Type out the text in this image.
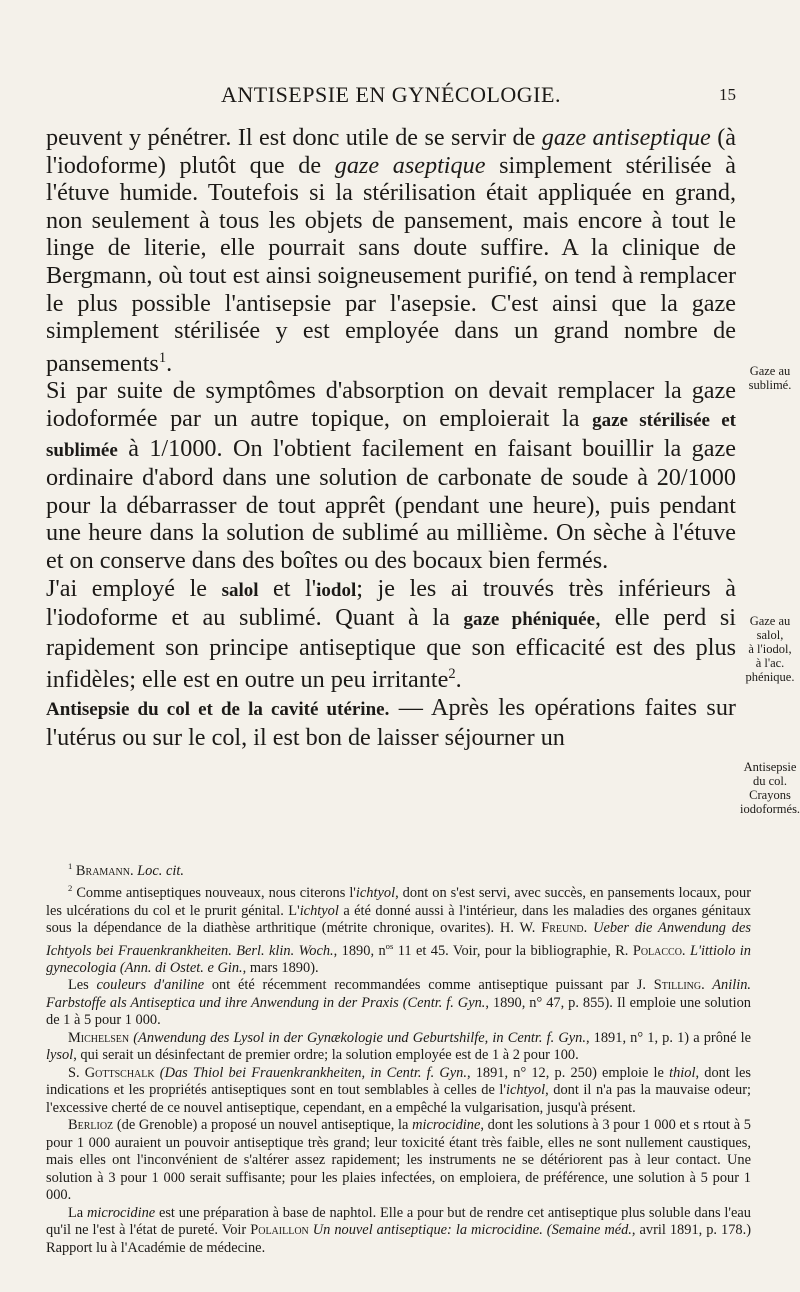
ANTISEPSIE EN GYNÉCOLOGIE.	15

peuvent y pénétrer. Il est donc utile de se servir de gaze antiseptique (à l'iodoforme) plutôt que de gaze aseptique simplement stérilisée à l'étuve humide. Toutefois si la stérilisation était appliquée en grand, non seulement à tous les objets de pansement, mais encore à tout le linge de literie, elle pourrait sans doute suffire. A la clinique de Bergmann, où tout est ainsi soigneusement purifié, on tend à remplacer le plus possible l'antisepsie par l'asepsie. C'est ainsi que la gaze simplement stérilisée y est employée dans un grand nombre de pansements$^1$.

Si par suite de symptômes d'absorption on devait remplacer la gaze iodoformée par un autre topique, on emploierait la gaze stérilisée et sublimée à 1/1000. On l'obtient facilement en faisant bouillir la gaze ordinaire d'abord dans une solution de carbonate de soude à 20/1000 pour la débarrasser de tout apprêt (pendant une heure), puis pendant une heure dans la solution de sublimé au millième. On sèche à l'étuve et on conserve dans des boîtes ou des bocaux bien fermés.

J'ai employé le salol et l'iodol; je les ai trouvés très inférieurs à l'iodoforme et au sublimé. Quant à la gaze phéniquée, elle perd si rapidement son principe antiseptique que son efficacité est des plus infidèles; elle est en outre un peu irritante$^2$.

Antisepsie du col et de la cavité utérine. — Après les opérations faites sur l'utérus ou sur le col, il est bon de laisser séjourner un

Gaze au sublimé.
Gaze au salol,
à l'iodol,
à l'ac. phénique.
Antisepsie du col.
Crayons
iodoformés.

$^1$ Bramann. Loc. cit.

$^2$ Comme antiseptiques nouveaux, nous citerons l'ichtyol, dont on s'est servi, avec succès, en pansements locaux, pour les ulcérations du col et le prurit génital. L'ichtyol a été donné aussi à l'intérieur, dans les maladies des organes génitaux sous la dépendance de la diathèse arthritique (métrite chronique, ovarites). H. W. Freund. Ueber die Anwendung des Ichtyols bei Frauenkrankheiten. Berl. klin. Woch., 1890, $n^{os}$ 11 et 45. Voir, pour la bibliographie, R. Polacco. L'ittiolo in gynecologia (Ann. di Ostet. e Gin., mars 1890).

Les couleurs d'aniline ont été récemment recommandées comme antiseptique puissant par J. Stilling. Anilin. Farbstoffe als Antiseptica und ihre Anwendung in der Praxis (Centr. f. Gyn., 1890, n° 47, p. 855). Il emploie une solution de 1 à 5 pour 1 000.

Michelsen (Anwendung des Lysol in der Gynækologie und Geburtshilfe, in Centr. f. Gyn., 1891, n° 1, p. 1) a prôné le lysol, qui serait un désinfectant de premier ordre; la solution employée est de 1 à 2 pour 100.

S. Gottschalk (Das Thiol bei Frauenkrankheiten, in Centr. f. Gyn., 1891, n° 12, p. 250) emploie le thiol, dont les indications et les propriétés antiseptiques sont en tout semblables à celles de l'ichtyol, dont il n'a pas la mauvaise odeur; l'excessive cherté de ce nouvel antiseptique, cependant, en a empêché la vulgarisation, jusqu'à présent.

Berlioz (de Grenoble) a proposé un nouvel antiseptique, la microcidine, dont les solutions à 3 pour 1 000 et s rtout à 5 pour 1 000 auraient un pouvoir antiseptique très grand; leur toxicité étant très faible, elles ne sont nullement caustiques, mais elles ont l'inconvénient de s'altérer assez rapidement; les instruments ne se détériorent pas à leur contact. Une solution à 3 pour 1 000 serait suffisante; pour les plaies infectées, on emploiera, de préférence, une solution à 5 pour 1 000.

La microcidine est une préparation à base de naphtol. Elle a pour but de rendre cet antiseptique plus soluble dans l'eau qu'il ne l'est à l'état de pureté. Voir Polaillon Un nouvel antiseptique: la microcidine. (Semaine méd., avril 1891, p. 178.) Rapport lu à l'Académie de médecine.
